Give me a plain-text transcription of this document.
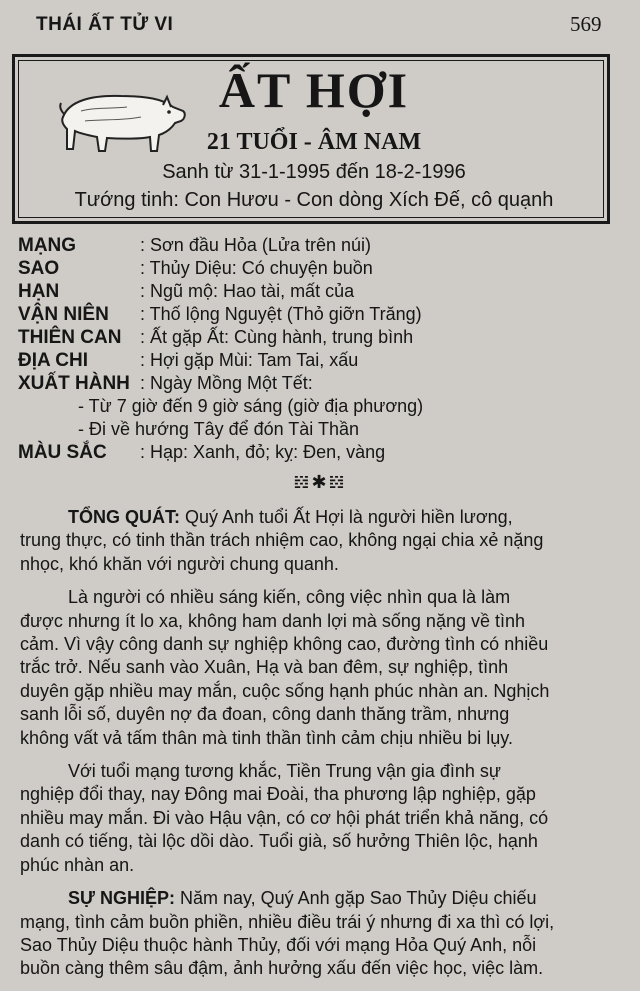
THÁI ẤT TỬ VI	569
ẤT HỢI
21 TUỔI - ÂM NAM
Sanh từ 31-1-1995 đến 18-2-1996
Tướng tinh: Con Hươu - Con dòng Xích Đế, cô quạnh
MẠNG	: Sơn đầu Hỏa (Lửa trên núi)
SAO	: Thủy Diệu: Có chuyện buồn
HẠN	: Ngũ mộ: Hao tài, mất của
VẬN NIÊN : Thố lộng Nguyệt (Thỏ giỡn Trăng)
THIÊN CAN : Ất gặp Ất: Cùng hành, trung bình
ĐỊA CHI	: Hợi gặp Mùi: Tam Tai, xấu
XUẤT HÀNH : Ngày Mồng Một Tết:
- Từ 7 giờ đến 9 giờ sáng (giờ địa phương)
- Đi về hướng Tây để đón Tài Thần
MÀU SẮC : Hạp: Xanh, đỏ; kỵ: Đen, vàng
𝍌✱𝍌

TỔNG QUÁT: Quý Anh tuổi Ất Hợi là người hiền lương,
trung thực, có tinh thần trách nhiệm cao, không ngại chia xẻ nặng
nhọc, khó khăn với người chung quanh.

Là người có nhiều sáng kiến, công việc nhìn qua là làm
được nhưng ít lo xa, không ham danh lợi mà sống nặng về tình
cảm. Vì vậy công danh sự nghiệp không cao, đường tình có nhiều
trắc trở. Nếu sanh vào Xuân, Hạ và ban đêm, sự nghiệp, tình
duyên gặp nhiều may mắn, cuộc sống hạnh phúc nhàn an. Nghịch
sanh lỗi số, duyên nợ đa đoan, công danh thăng trầm, nhưng
không vất vả tấm thân mà tinh thần tình cảm chịu nhiều bi lụy.

Với tuổi mạng tương khắc, Tiền Trung vận gia đình sự
nghiệp đổi thay, nay Đông mai Đoài, tha phương lập nghiệp, gặp
nhiều may mắn. Đi vào Hậu vận, có cơ hội phát triển khả năng, có
danh có tiếng, tài lộc dồi dào. Tuổi già, số hưởng Thiên lộc, hạnh
phúc nhàn an.

SỰ NGHIỆP: Năm nay, Quý Anh gặp Sao Thủy Diệu chiếu
mạng, tình cảm buồn phiền, nhiều điều trái ý nhưng đi xa thì có lợi,
Sao Thủy Diệu thuộc hành Thủy, đối với mạng Hỏa Quý Anh, nỗi
buồn càng thêm sâu đậm, ảnh hưởng xấu đến việc học, việc làm.
